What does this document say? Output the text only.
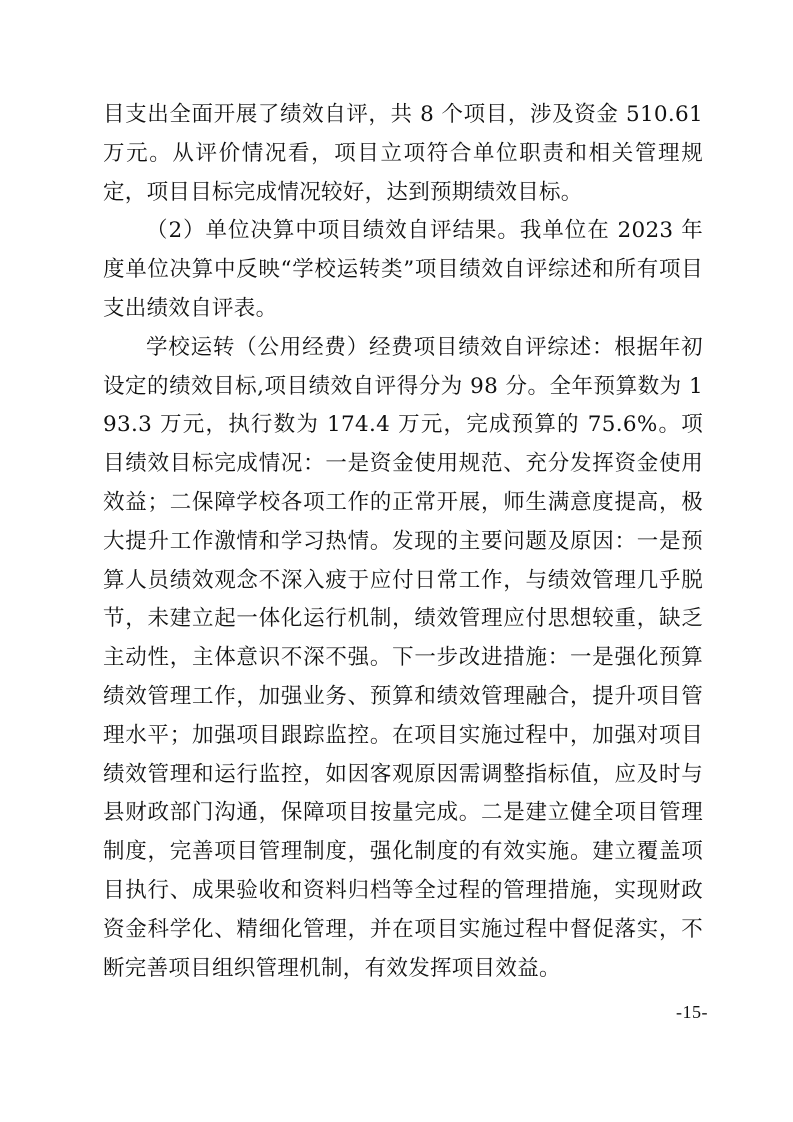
目支出全面开展了绩效自评，共 8 个项目，涉及资金 510.61 万元。从评价情况看，项目立项符合单位职责和相关管理规定，项目目标完成情况较好，达到预期绩效目标。

（2）单位决算中项目绩效自评结果。我单位在 2023 年度单位决算中反映“学校运转类”项目绩效自评综述和所有项目支出绩效自评表。

学校运转（公用经费）经费项目绩效自评综述：根据年初设定的绩效目标,项目绩效自评得分为 98 分。全年预算数为 193.3 万元，执行数为 174.4 万元，完成预算的 75.6%。项目绩效目标完成情况：一是资金使用规范、充分发挥资金使用效益；二保障学校各项工作的正常开展，师生满意度提高，极大提升工作激情和学习热情。发现的主要问题及原因：一是预算人员绩效观念不深入疲于应付日常工作，与绩效管理几乎脱节，未建立起一体化运行机制，绩效管理应付思想较重，缺乏主动性，主体意识不深不强。下一步改进措施：一是强化预算绩效管理工作，加强业务、预算和绩效管理融合，提升项目管理水平；加强项目跟踪监控。在项目实施过程中，加强对项目绩效管理和运行监控，如因客观原因需调整指标值，应及时与县财政部门沟通，保障项目按量完成。二是建立健全项目管理制度，完善项目管理制度，强化制度的有效实施。建立覆盖项目执行、成果验收和资料归档等全过程的管理措施，实现财政资金科学化、精细化管理，并在项目实施过程中督促落实，不断完善项目组织管理机制，有效发挥项目效益。

-15-
